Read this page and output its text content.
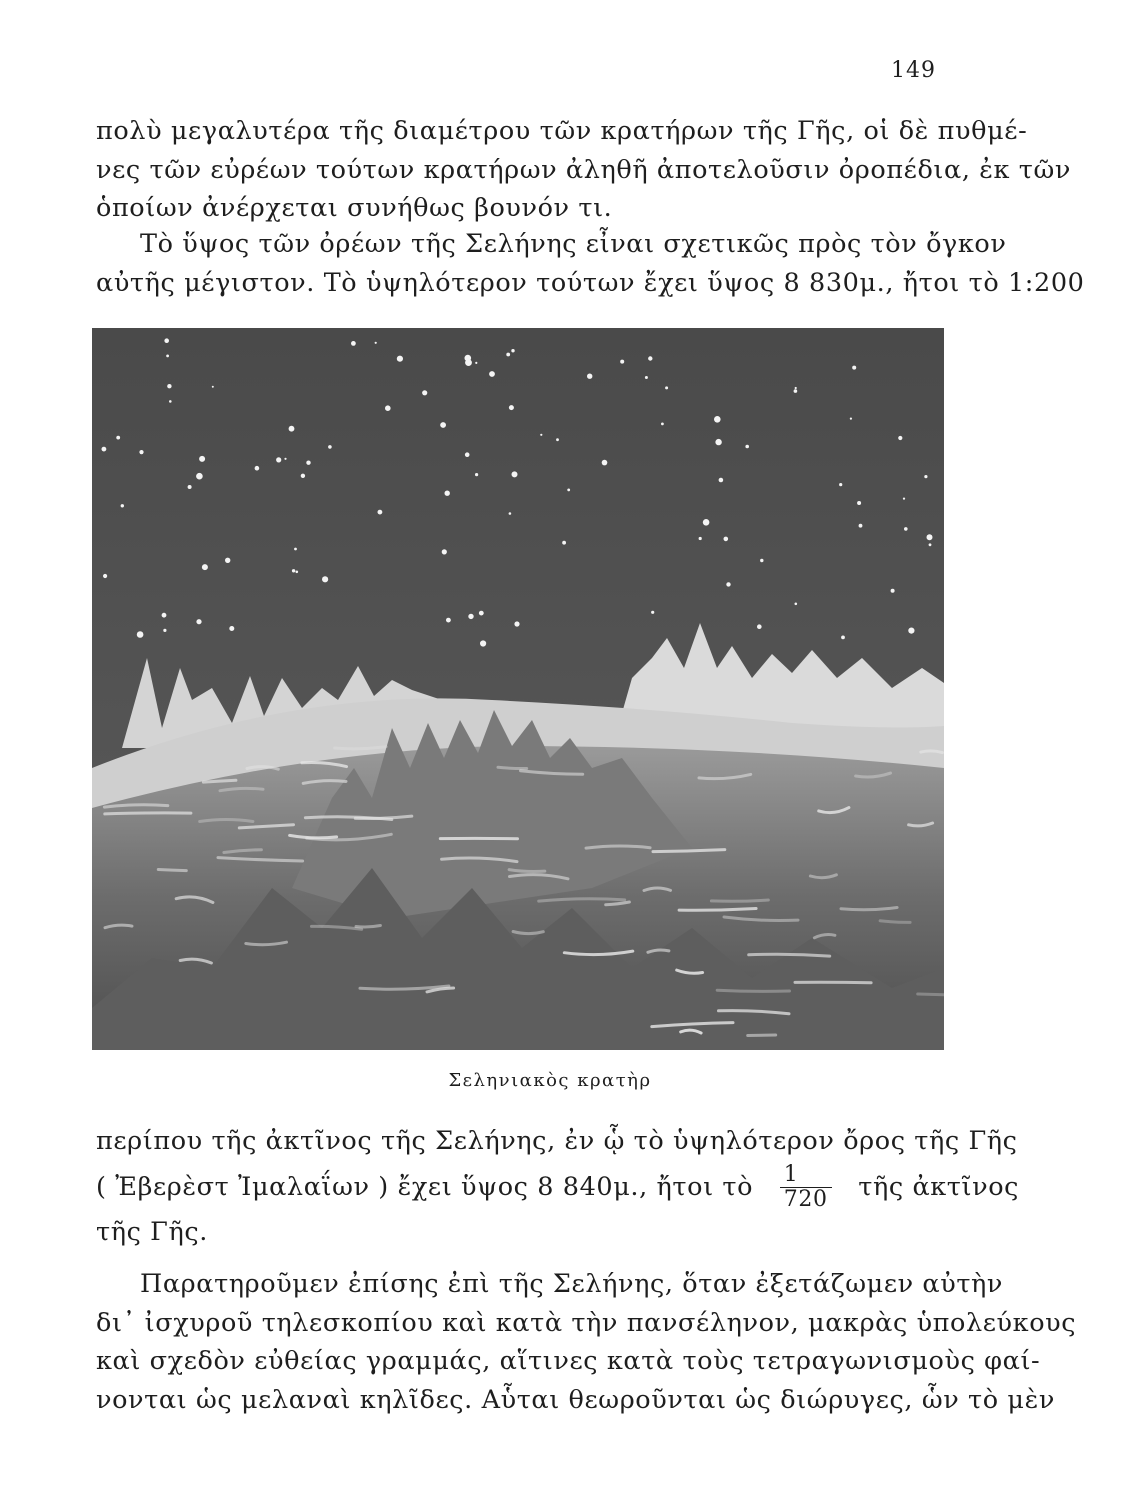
149
πολὺ μεγαλυτέρα τῆς διαμέτρου τῶν κρατήρων τῆς Γῆς, οἱ δὲ πυθμέ-
νες τῶν εὐρέων τούτων κρατήρων ἀληθῆ ἀποτελοῦσιν ὀροπέδια, ἐκ τῶν
ὁποίων ἀνέρχεται συνήθως βουνόν τι.
Τὸ ὕψος τῶν ὀρέων τῆς Σελήνης εἶναι σχετικῶς πρὸς τὸν ὄγκον
αὐτῆς μέγιστον. Τὸ ὑψηλότερον τούτων ἔχει ὕψος 8 830μ., ἤτοι τὸ 1:200
Σεληνιακὸς κρατὴρ
περίπου τῆς ἀκτῖνος τῆς Σελήνης, ἐν ᾧ τὸ ὑψηλότερον ὄρος τῆς Γῆς
( Ἐβερὲστ Ἰμαλαΐων ) ἔχει ὕψος 8 840μ., ἤτοι τὸ $\frac{1}{720}$ τῆς ἀκτῖνος
τῆς Γῆς.
Παρατηροῦμεν ἐπίσης ἐπὶ τῆς Σελήνης, ὅταν ἐξετάζωμεν αὐτὴν
δι᾽ ἰσχυροῦ τηλεσκοπίου καὶ κατὰ τὴν πανσέληνον, μακρὰς ὑπολεύκους
καὶ σχεδὸν εὐθείας γραμμάς, αἵτινες κατὰ τοὺς τετραγωνισμοὺς φαί-
νονται ὡς μελαναὶ κηλῖδες. Αὗται θεωροῦνται ὡς διώρυγες, ὧν τὸ μὲν
